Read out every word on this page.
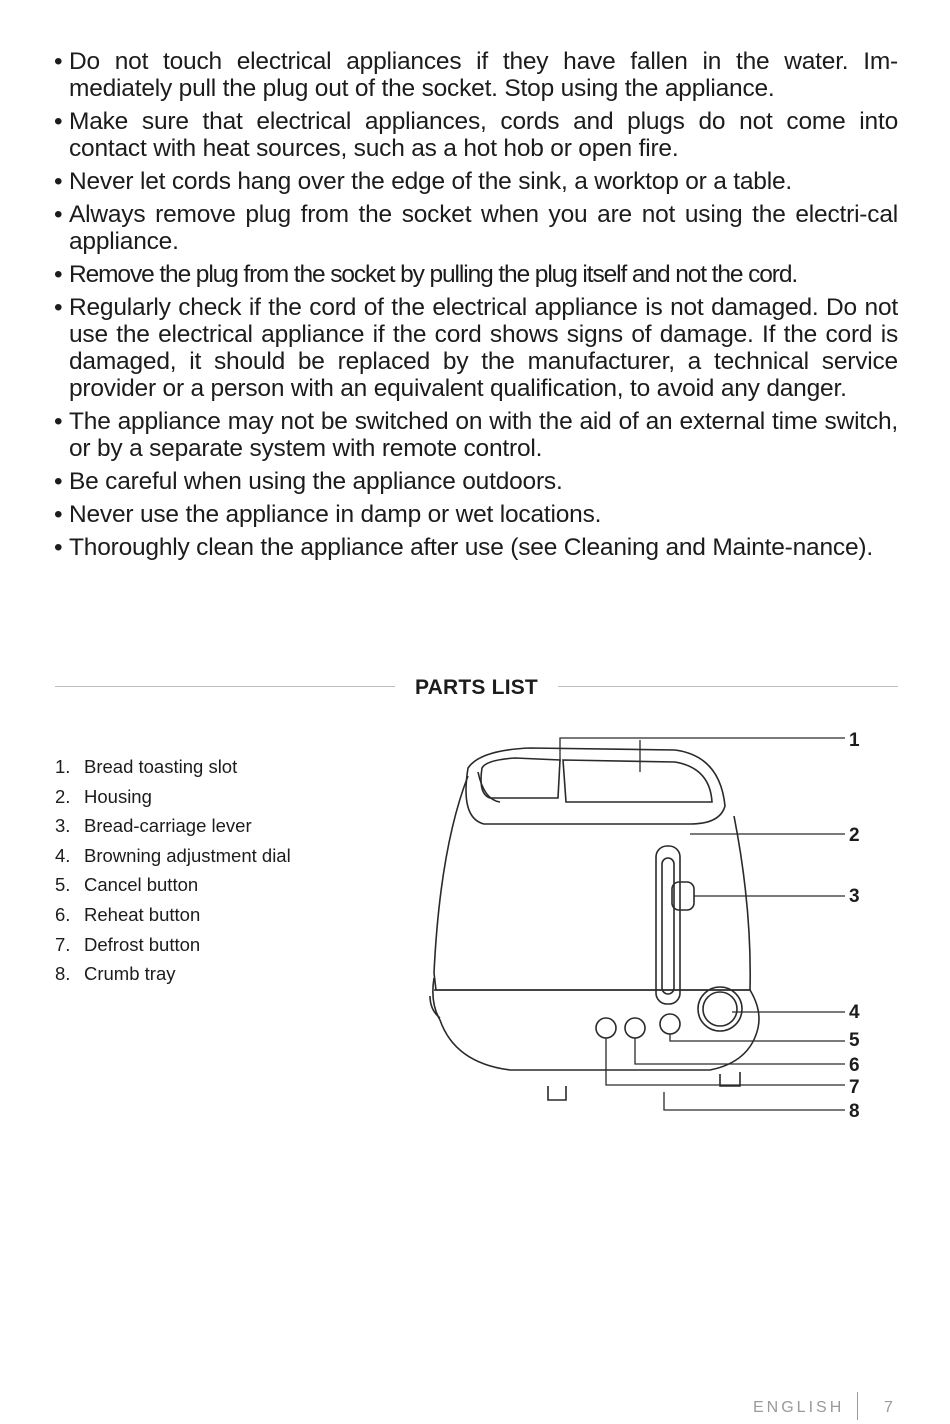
• Do not touch electrical appliances if they have fallen in the water. Im-mediately pull the plug out of the socket. Stop using the appliance.
• Make sure that electrical appliances, cords and plugs do not come into contact with heat sources, such as a hot hob or open fire.
• Never let cords hang over the edge of the sink, a worktop or a table.
• Always remove plug from the socket when you are not using the electri-cal appliance.
• Remove the plug from the socket by pulling the plug itself and not the cord.
• Regularly check if the cord of the electrical appliance is not damaged. Do not use the electrical appliance if the cord shows signs of damage. If the cord is damaged, it should be replaced by the manufacturer, a technical service provider or a person with an equivalent qualification, to avoid any danger.
• The appliance may not be switched on with the aid of an external time switch, or by a separate system with remote control.
• Be careful when using the appliance outdoors.
• Never use the appliance in damp or wet locations.
• Thoroughly clean the appliance after use (see Cleaning and Mainte-nance).
PARTS LIST
1. Bread toasting slot
2. Housing
3. Bread-carriage lever
4. Browning adjustment dial
5. Cancel button
6. Reheat button
7. Defrost button
8. Crumb tray
1
2
3
4
5
6
7
8
ENGLISH 7
